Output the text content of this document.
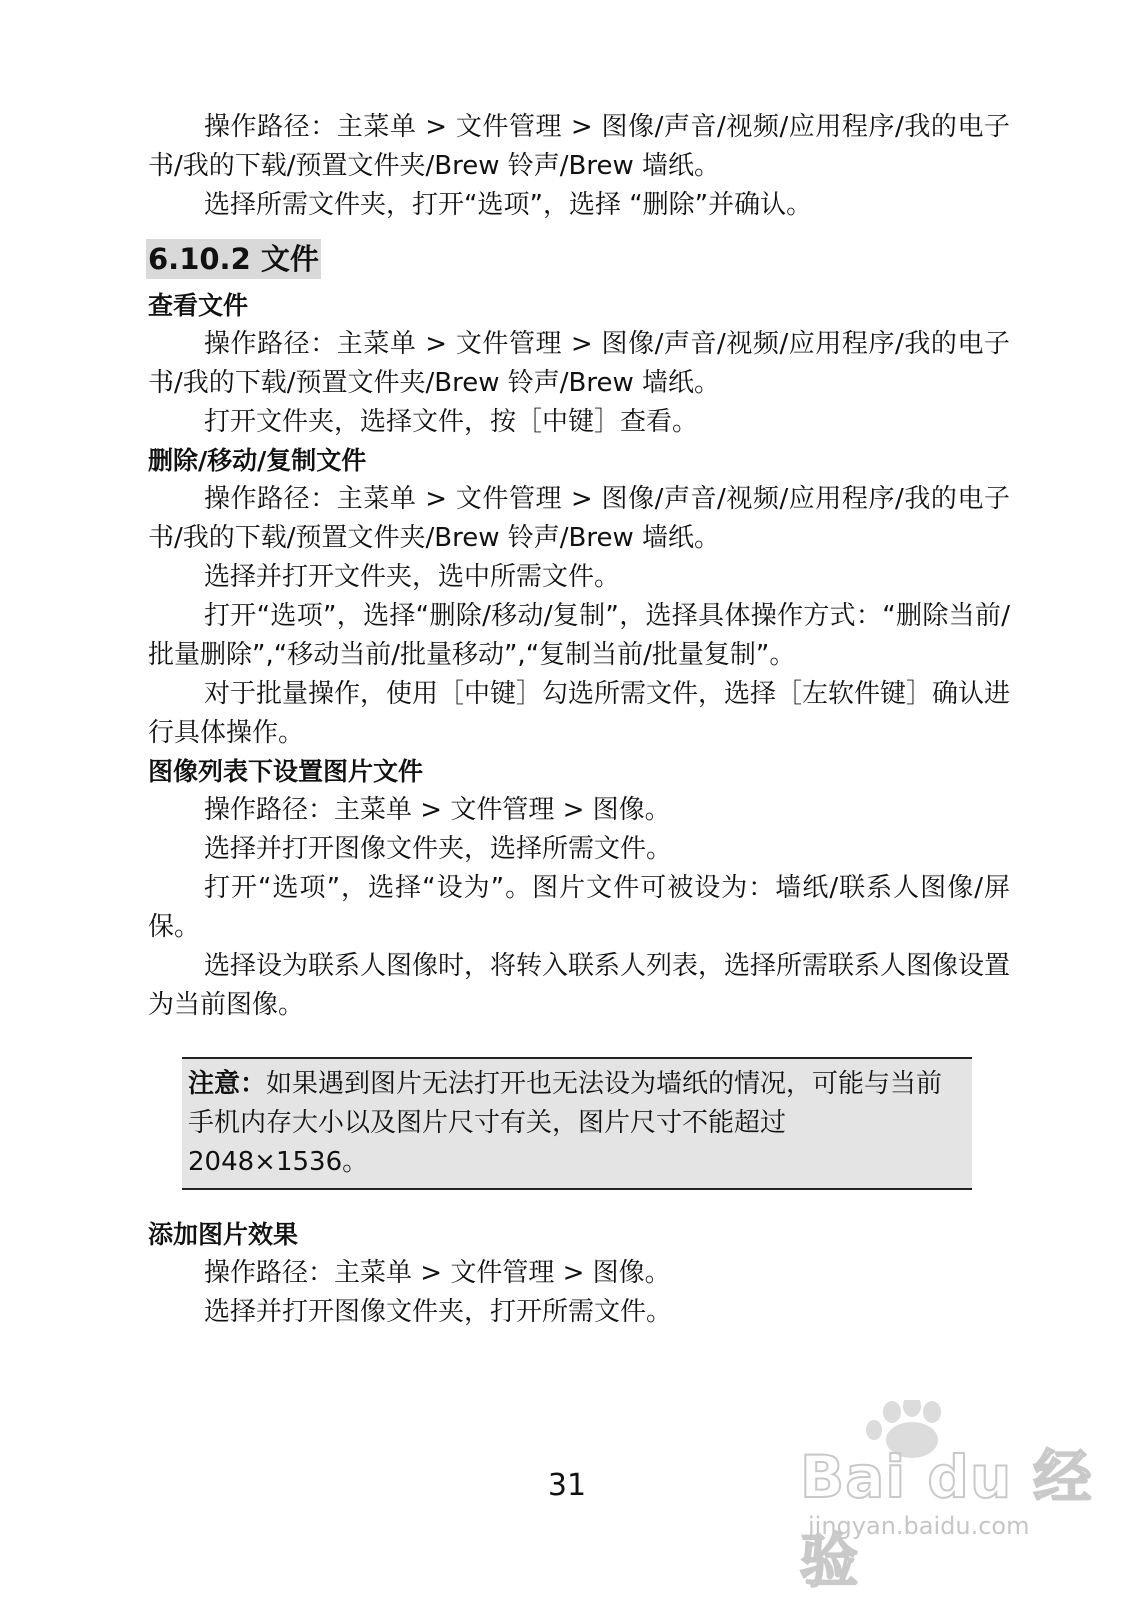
操作路径：主菜单 > 文件管理 > 图像/声音/视频/应用程序/我的电子书/我的下载/预置文件夹/Brew 铃声/Brew 墙纸。

选择所需文件夹，打开“选项”，选择 “删除”并确认。

6.10.2 文件

查看文件

操作路径：主菜单 > 文件管理 > 图像/声音/视频/应用程序/我的电子书/我的下载/预置文件夹/Brew 铃声/Brew 墙纸。

打开文件夹，选择文件，按［中键］查看。

删除/移动/复制文件

操作路径：主菜单 > 文件管理 > 图像/声音/视频/应用程序/我的电子书/我的下载/预置文件夹/Brew 铃声/Brew 墙纸。

选择并打开文件夹，选中所需文件。

打开“选项”，选择“删除/移动/复制”，选择具体操作方式：“删除当前/批量删除”,“移动当前/批量移动”,“复制当前/批量复制”。

对于批量操作，使用［中键］勾选所需文件，选择［左软件键］确认进行具体操作。

图像列表下设置图片文件

操作路径：主菜单 > 文件管理 > 图像。

选择并打开图像文件夹，选择所需文件。

打开“选项”，选择“设为”。图片文件可被设为：墙纸/联系人图像/屏保。

选择设为联系人图像时，将转入联系人列表，选择所需联系人图像设置为当前图像。

注意：如果遇到图片无法打开也无法设为墙纸的情况，可能与当前手机内存大小以及图片尺寸有关，图片尺寸不能超过 2048×1536。

添加图片效果

操作路径：主菜单 > 文件管理 > 图像。

选择并打开图像文件夹，打开所需文件。

Bai du 经验
jingyan.baidu.com
31
